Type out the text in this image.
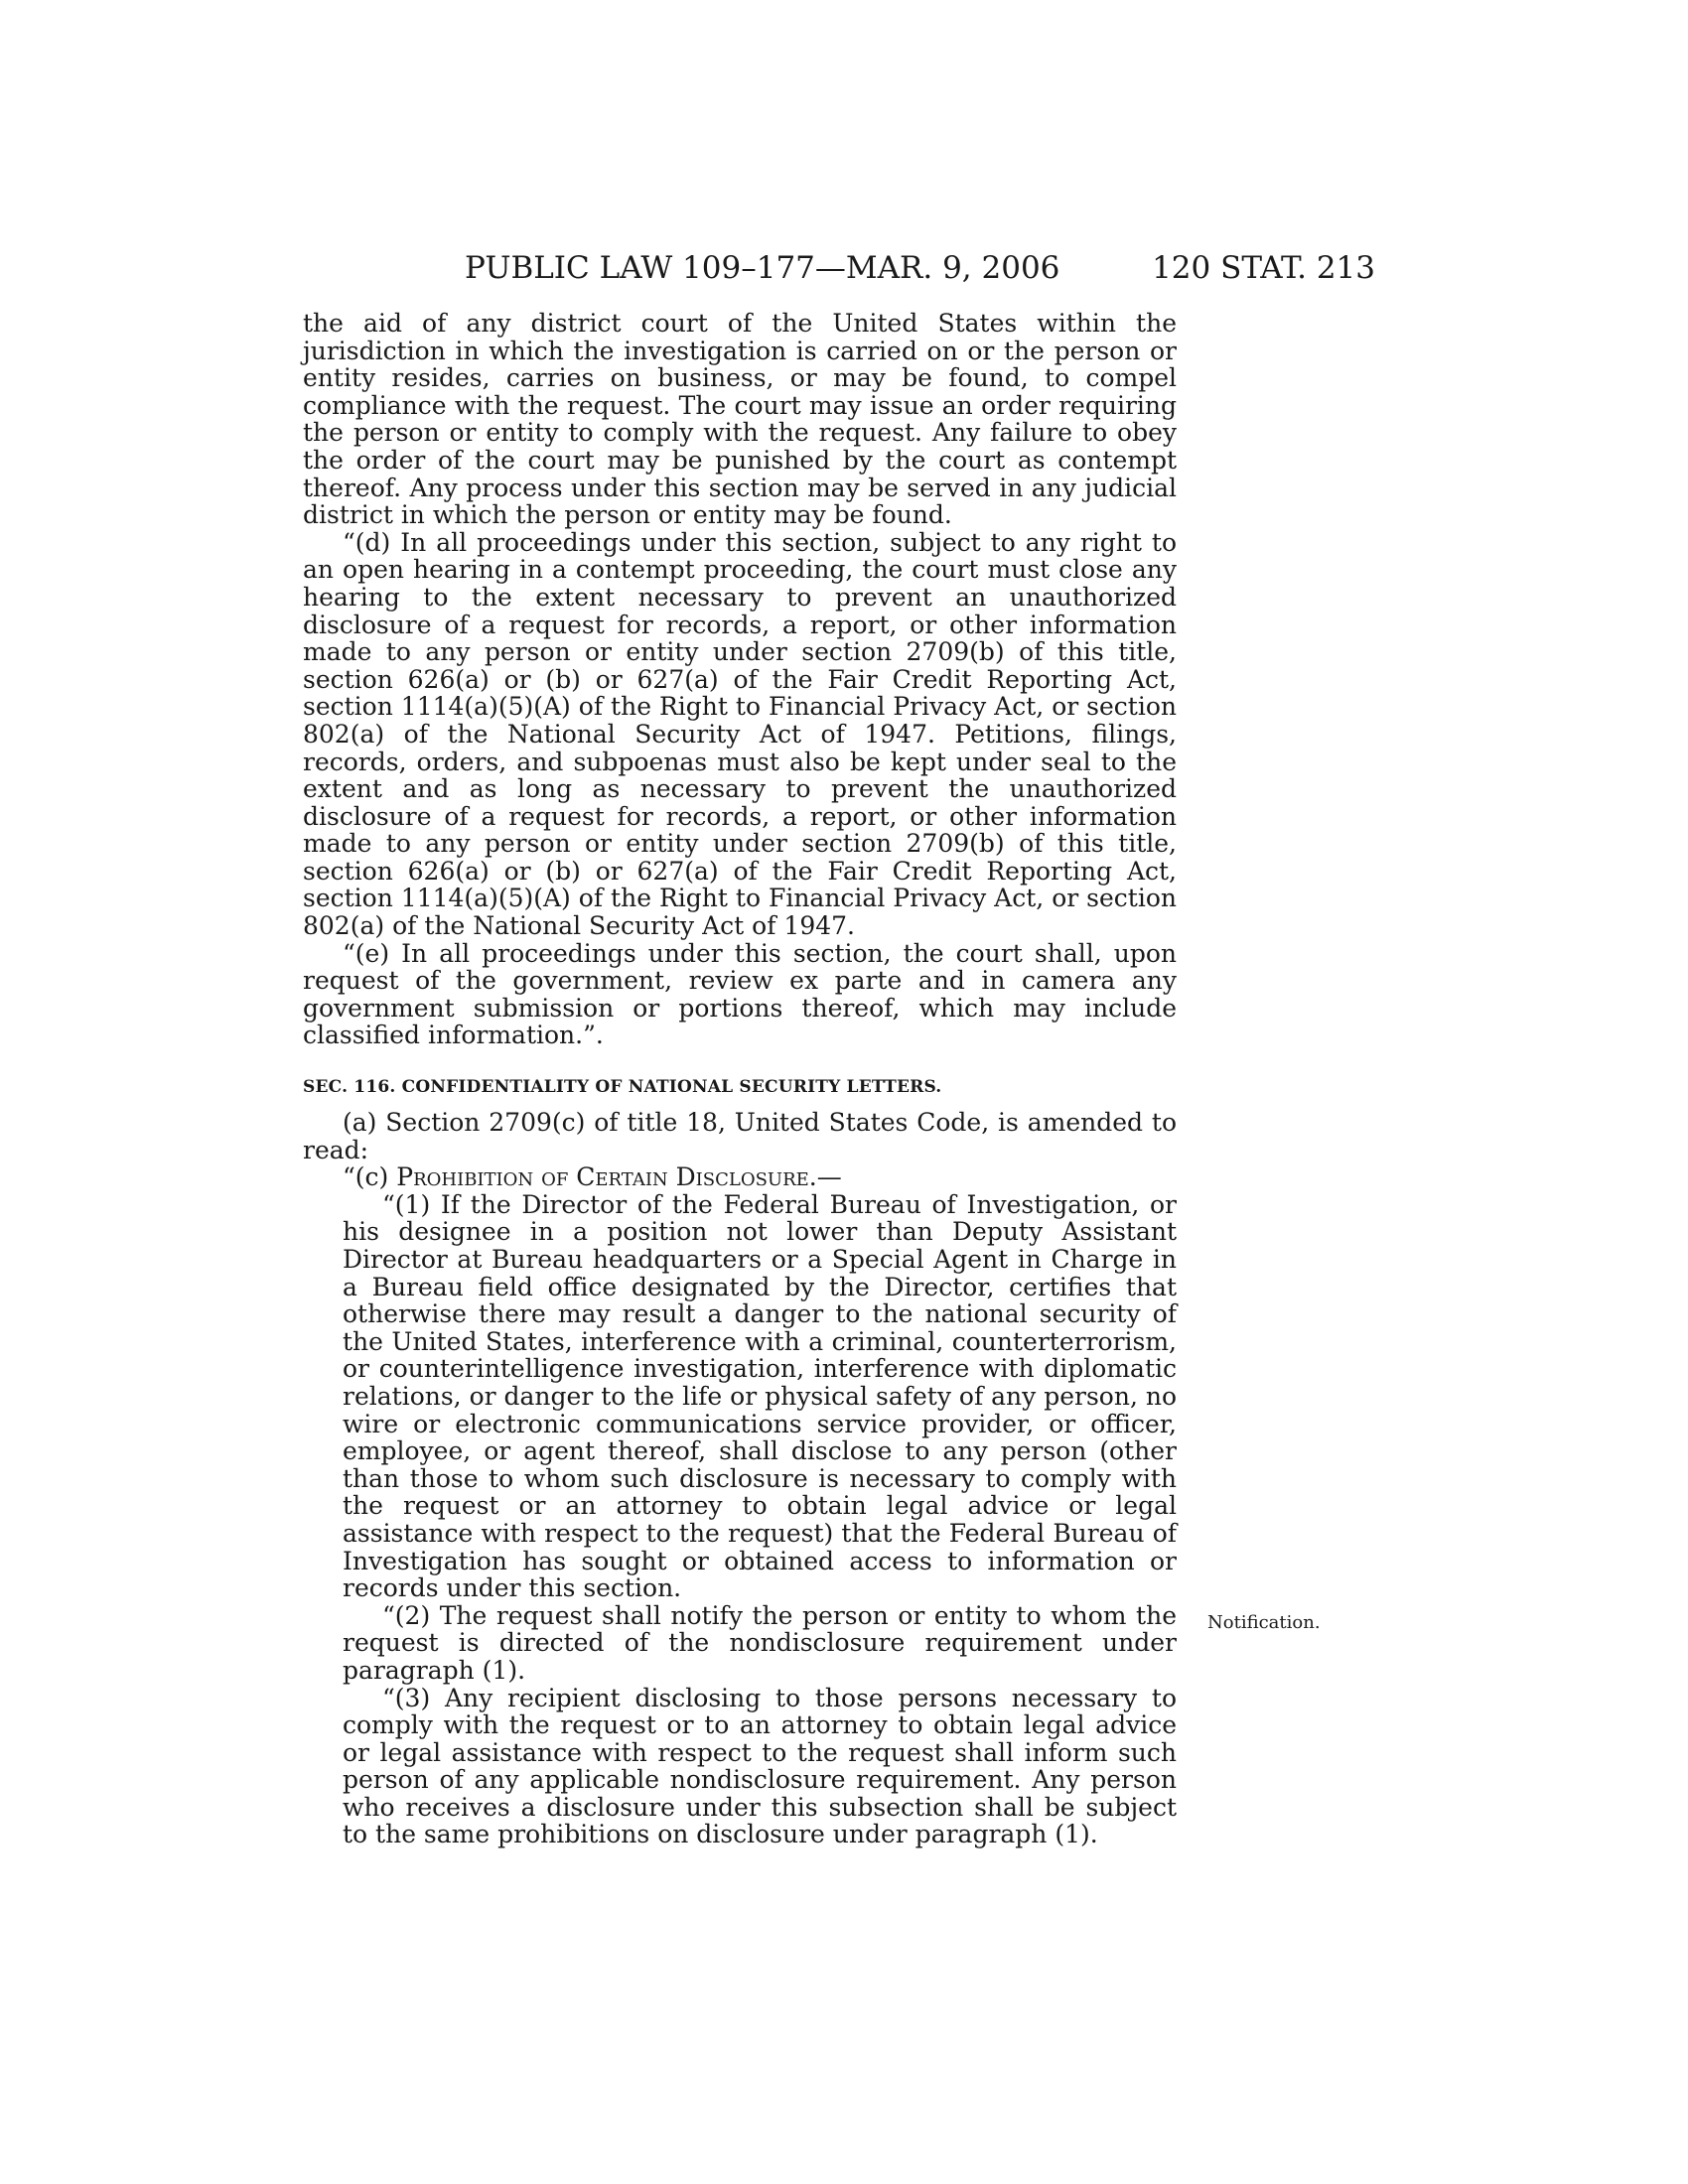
PUBLIC LAW 109–177—MAR. 9, 2006	120 STAT. 213

the aid of any district court of the United States within the jurisdiction in which the investigation is carried on or the person or entity resides, carries on business, or may be found, to compel compliance with the request. The court may issue an order requiring the person or entity to comply with the request. Any failure to obey the order of the court may be punished by the court as contempt thereof. Any process under this section may be served in any judicial district in which the person or entity may be found.

“(d) In all proceedings under this section, subject to any right to an open hearing in a contempt proceeding, the court must close any hearing to the extent necessary to prevent an unauthorized disclosure of a request for records, a report, or other information made to any person or entity under section 2709(b) of this title, section 626(a) or (b) or 627(a) of the Fair Credit Reporting Act, section 1114(a)(5)(A) of the Right to Financial Privacy Act, or section 802(a) of the National Security Act of 1947. Petitions, filings, records, orders, and subpoenas must also be kept under seal to the extent and as long as necessary to prevent the unauthorized disclosure of a request for records, a report, or other information made to any person or entity under section 2709(b) of this title, section 626(a) or (b) or 627(a) of the Fair Credit Reporting Act, section 1114(a)(5)(A) of the Right to Financial Privacy Act, or section 802(a) of the National Security Act of 1947.

“(e) In all proceedings under this section, the court shall, upon request of the government, review ex parte and in camera any government submission or portions thereof, which may include classified information.”.

SEC. 116. CONFIDENTIALITY OF NATIONAL SECURITY LETTERS.

(a) Section 2709(c) of title 18, United States Code, is amended to read:

“(c) Prohibition of Certain Disclosure.—

“(1) If the Director of the Federal Bureau of Investigation, or his designee in a position not lower than Deputy Assistant Director at Bureau headquarters or a Special Agent in Charge in a Bureau field office designated by the Director, certifies that otherwise there may result a danger to the national security of the United States, interference with a criminal, counterterrorism, or counterintelligence investigation, interference with diplomatic relations, or danger to the life or physical safety of any person, no wire or electronic communications service provider, or officer, employee, or agent thereof, shall disclose to any person (other than those to whom such disclosure is necessary to comply with the request or an attorney to obtain legal advice or legal assistance with respect to the request) that the Federal Bureau of Investigation has sought or obtained access to information or records under this section.

“(2) The request shall notify the person or entity to whom the request is directed of the nondisclosure requirement under paragraph (1).

“(3) Any recipient disclosing to those persons necessary to comply with the request or to an attorney to obtain legal advice or legal assistance with respect to the request shall inform such person of any applicable nondisclosure requirement. Any person who receives a disclosure under this subsection shall be subject to the same prohibitions on disclosure under paragraph (1).

Notification.
